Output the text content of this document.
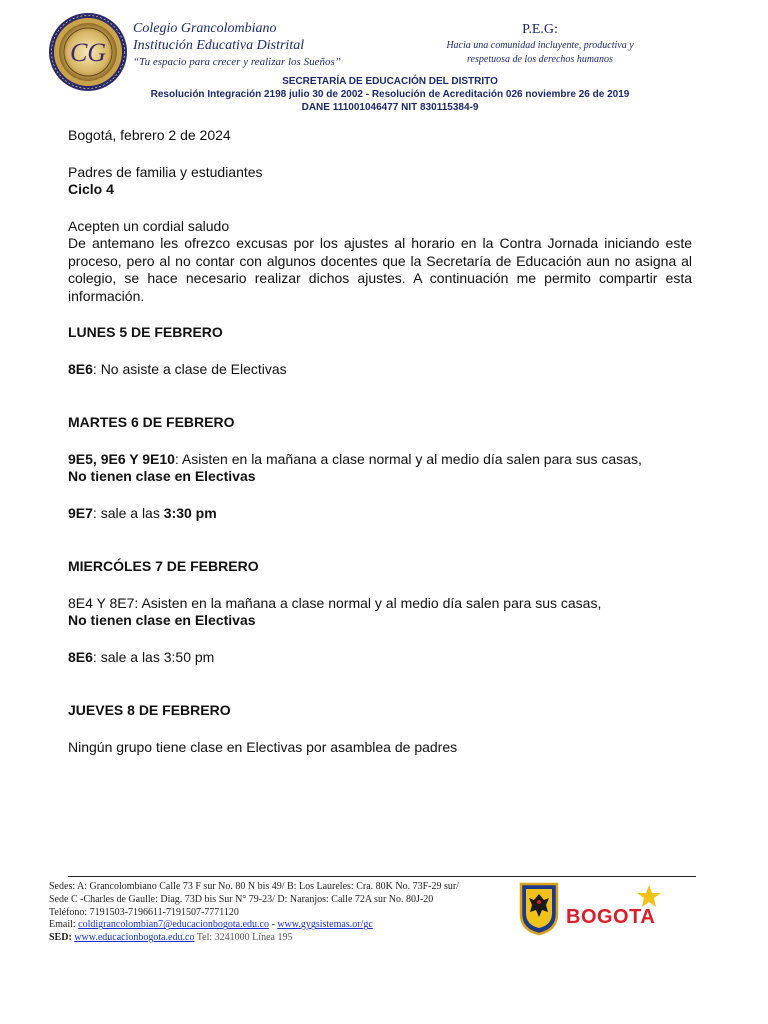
CG
Colegio Grancolombiano
Institución Educativa Distrital
“Tu espacio para crecer y realizar los Sueños”
P.E.G:
Hacia una comunidad incluyente, productiva y
respetuosa de los derechos humanos
SECRETARÍA DE EDUCACIÓN DEL DISTRITO
Resolución Integración 2198 julio 30 de 2002 - Resolución de Acreditación 026 noviembre 26 de 2019
DANE 111001046477 NIT 830115384-9
Bogotá, febrero 2 de 2024
Padres de familia y estudiantes
Ciclo 4
Acepten un cordial saludo
De antemano les ofrezco excusas por los ajustes al horario en la Contra Jornada iniciando este proceso, pero al no contar con algunos docentes que la Secretaría de Educación aun no asigna al colegio, se hace necesario realizar dichos ajustes. A continuación me permito compartir esta información.
LUNES 5 DE FEBRERO
8E6: No asiste a clase de Electivas
MARTES 6 DE FEBRERO
9E5, 9E6 Y 9E10: Asisten en la mañana a clase normal y al medio día salen para sus casas,
No tienen clase en Electivas
9E7: sale a las 3:30 pm
MIERCÓLES 7 DE FEBRERO
8E4 Y 8E7: Asisten en la mañana a clase normal y al medio día salen para sus casas,
No tienen clase en Electivas
8E6: sale a las 3:50 pm
JUEVES 8 DE FEBRERO
Ningún grupo tiene clase en Electivas por asamblea de padres
Sedes: A: Grancolombiano Calle 73 F sur No. 80 N bis 49/ B: Los Laureles: Cra. 80K No. 73F-29 sur/
Sede C -Charles de Gaulle: Diag. 73D bis Sur N° 79-23/ D: Naranjos: Calle 72A sur No. 80J-20
Teléfono: 7191503-7196611-7191507-7771120
Email: coldigrancolombian7@educacionbogota.edu.co - www.gygsistemas.or/gc
SED: www.educacionbogota.edu.co Tel: 3241000 Línea 195
BOGOTA
